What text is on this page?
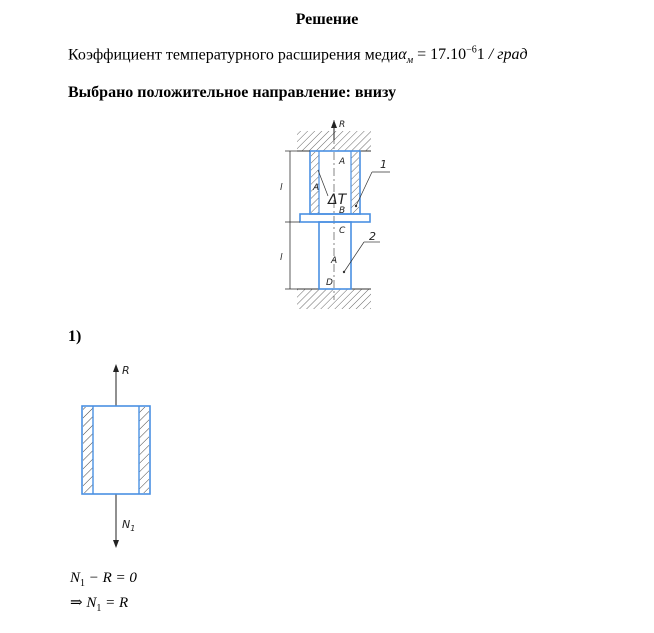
Решение
Коэффициент температурного расширения медиα$_м$ = $17.10^{-6}1$ / град
Выбрано положительное направление: внизу
R
l
l
A
A
ΔT
B
C
A
D
1
2
R
$N_1$
1)
$N_1 - R = 0$
⇒ $N_1 = R$
